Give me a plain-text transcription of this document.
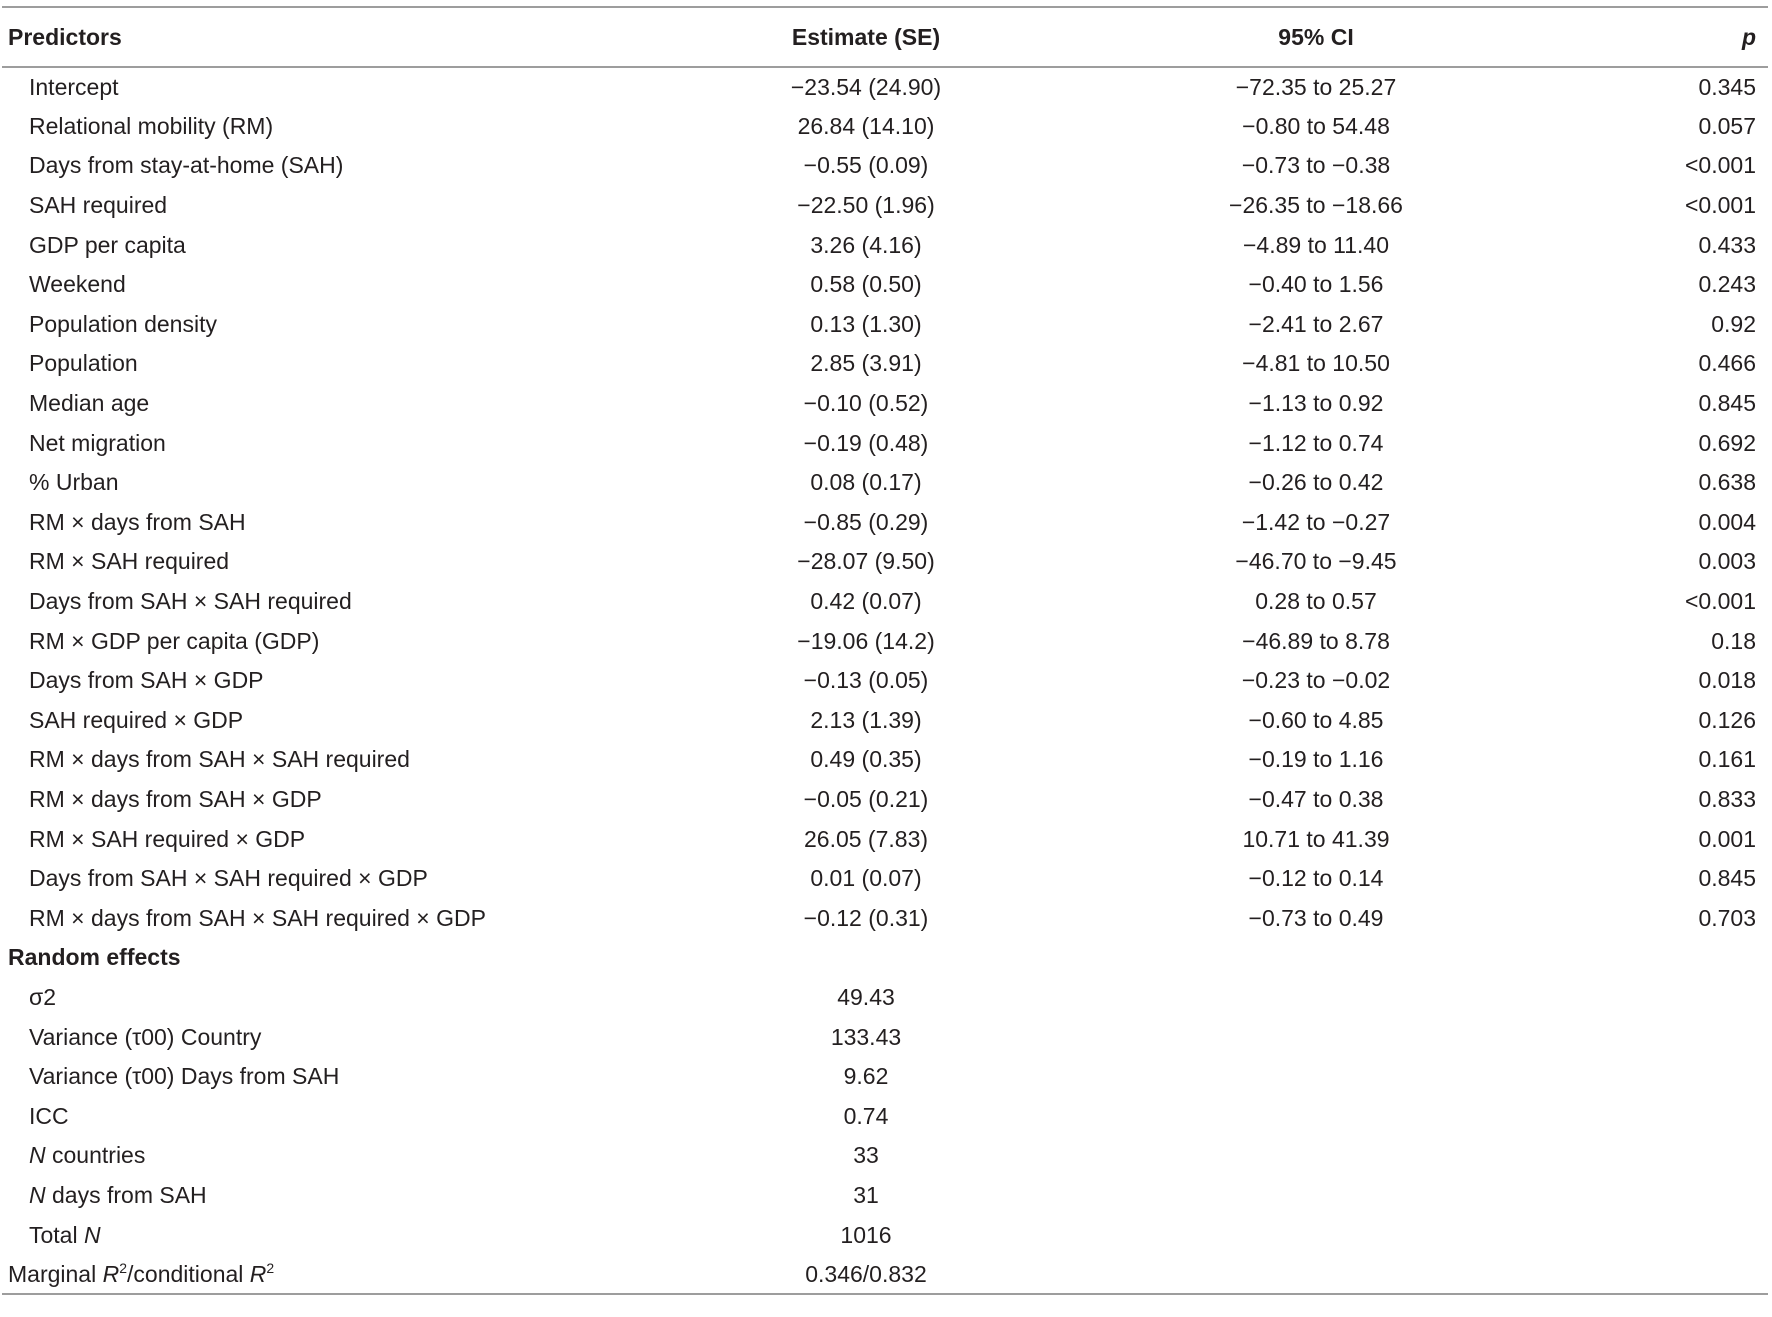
Predictors	Estimate (SE)	95% CI	p
Intercept	−23.54 (24.90)	−72.35 to 25.27	0.345
Relational mobility (RM)	26.84 (14.10)	−0.80 to 54.48	0.057
Days from stay-at-home (SAH)	−0.55 (0.09)	−0.73 to −0.38	<0.001
SAH required	−22.50 (1.96)	−26.35 to −18.66	<0.001
GDP per capita	3.26 (4.16)	−4.89 to 11.40	0.433
Weekend	0.58 (0.50)	−0.40 to 1.56	0.243
Population density	0.13 (1.30)	−2.41 to 2.67	0.92
Population	2.85 (3.91)	−4.81 to 10.50	0.466
Median age	−0.10 (0.52)	−1.13 to 0.92	0.845
Net migration	−0.19 (0.48)	−1.12 to 0.74	0.692
% Urban	0.08 (0.17)	−0.26 to 0.42	0.638
RM × days from SAH	−0.85 (0.29)	−1.42 to −0.27	0.004
RM × SAH required	−28.07 (9.50)	−46.70 to −9.45	0.003
Days from SAH × SAH required	0.42 (0.07)	0.28 to 0.57	<0.001
RM × GDP per capita (GDP)	−19.06 (14.2)	−46.89 to 8.78	0.18
Days from SAH × GDP	−0.13 (0.05)	−0.23 to −0.02	0.018
SAH required × GDP	2.13 (1.39)	−0.60 to 4.85	0.126
RM × days from SAH × SAH required	0.49 (0.35)	−0.19 to 1.16	0.161
RM × days from SAH × GDP	−0.05 (0.21)	−0.47 to 0.38	0.833
RM × SAH required × GDP	26.05 (7.83)	10.71 to 41.39	0.001
Days from SAH × SAH required × GDP	0.01 (0.07)	−0.12 to 0.14	0.845
RM × days from SAH × SAH required × GDP	−0.12 (0.31)	−0.73 to 0.49	0.703
Random effects			
σ2	49.43		
Variance (τ00) Country	133.43		
Variance (τ00) Days from SAH	9.62		
ICC	0.74		
N countries	33		
N days from SAH	31		
Total N	1016		
Marginal $R^2$/conditional $R^2$	0.346/0.832		
